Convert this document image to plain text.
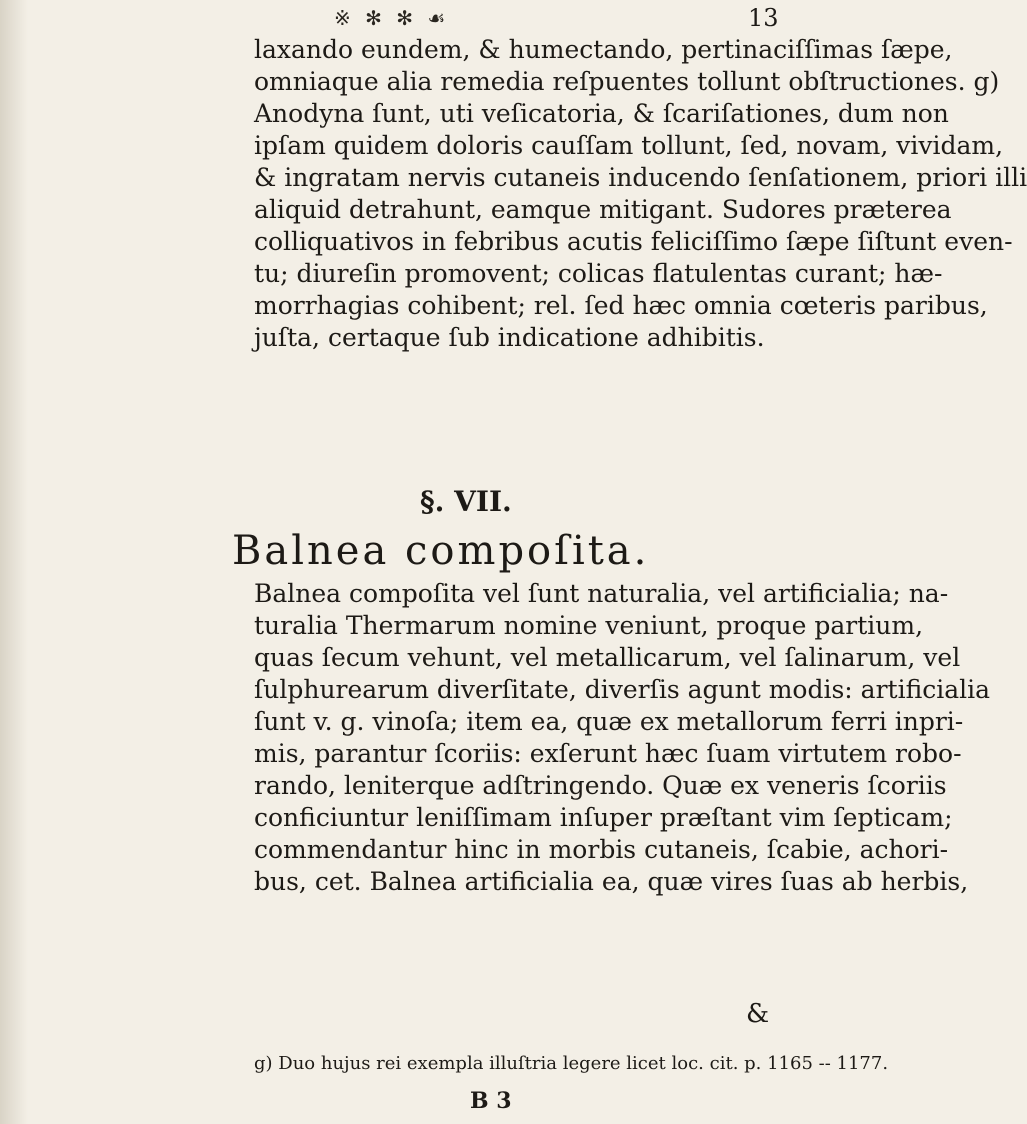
※ ✻ ✻ ☙	13
laxando eundem, & humectando, pertinaciſſimas ſæpe,
omniaque alia remedia reſpuentes tollunt obſtructiones. g)
Anodyna ſunt, uti veſicatoria, & ſcariſationes, dum non
ipſam quidem doloris cauſſam tollunt, ſed, novam, vividam,
& ingratam nervis cutaneis inducendo ſenſationem, priori illi
aliquid detrahunt, eamque mitigant. Sudores præterea
colliquativos in febribus acutis feliciſſimo ſæpe ſiſtunt even-
tu; diureſin promovent; colicas flatulentas curant; hæ-
morrhagias cohibent; rel. ſed hæc omnia cœteris paribus,
juſta, certaque ſub indicatione adhibitis.
§. VII.
Balnea compoſita.
Balnea compoſita vel ſunt naturalia, vel artificialia; na-
turalia Thermarum nomine veniunt, proque partium,
quas ſecum vehunt, vel metallicarum, vel ſalinarum, vel
ſulphurearum diverſitate, diverſis agunt modis: artificialia
ſunt v. g. vinoſa; item ea, quæ ex metallorum ferri inpri-
mis, parantur ſcoriis: exſerunt hæc ſuam virtutem robo-
rando, leniterque adſtringendo. Quæ ex veneris ſcoriis
conficiuntur leniſſimam inſuper præſtant vim ſepticam;
commendantur hinc in morbis cutaneis, ſcabie, achori-
bus, cet. Balnea artificialia ea, quæ vires ſuas ab herbis,
&
g) Duo hujus rei exempla illuſtria legere licet loc. cit. p. 1165 -- 1177.
B 3
